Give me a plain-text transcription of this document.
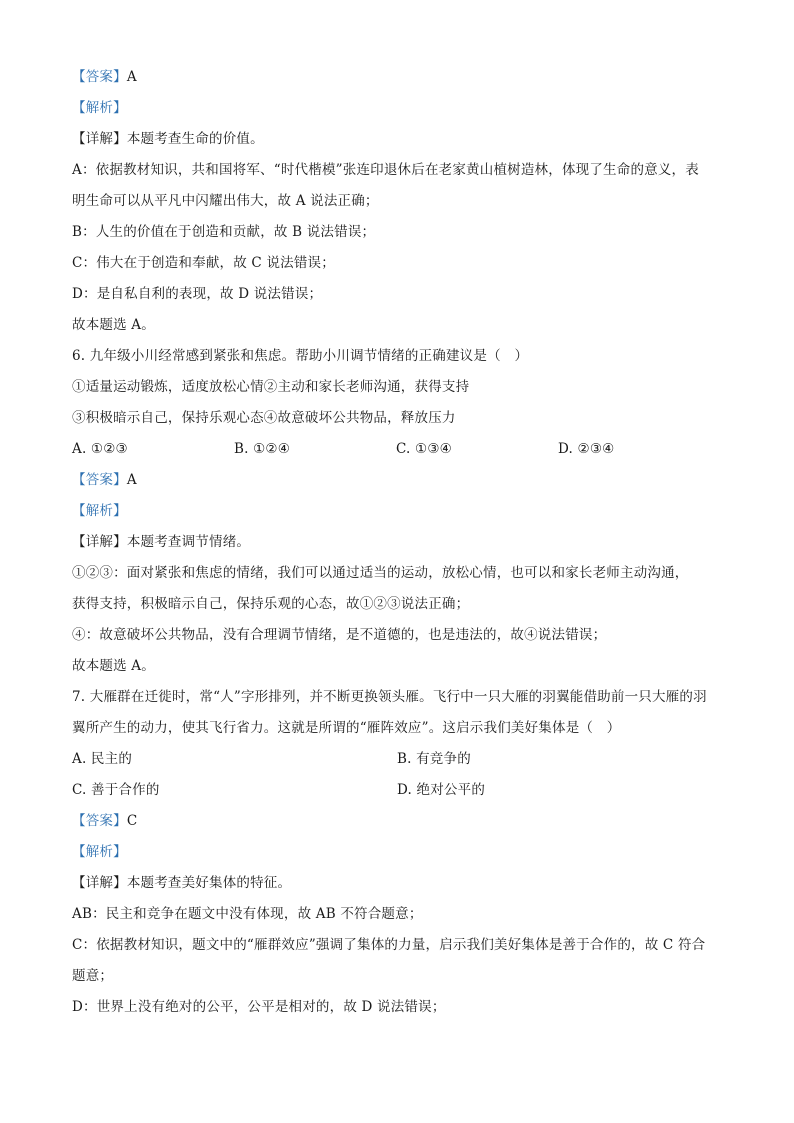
【答案】A
【解析】
【详解】本题考查生命的价值。
A：依据教材知识，共和国将军、“时代楷模”张连印退休后在老家黄山植树造林，体现了生命的意义，表
明生命可以从平凡中闪耀出伟大，故 A 说法正确；
B：人生的价值在于创造和贡献，故 B 说法错误；
C：伟大在于创造和奉献，故 C 说法错误；
D：是自私自利的表现，故 D 说法错误；
故本题选 A。
6. 九年级小川经常感到紧张和焦虑。帮助小川调节情绪的正确建议是（　）
①适量运动锻炼，适度放松心情②主动和家长老师沟通，获得支持
③积极暗示自己，保持乐观心态④故意破坏公共物品，释放压力
A. ①②③	B. ①②④	C. ①③④	D. ②③④
【答案】A
【解析】
【详解】本题考查调节情绪。
①②③：面对紧张和焦虑的情绪，我们可以通过适当的运动，放松心情，也可以和家长老师主动沟通，
获得支持，积极暗示自己，保持乐观的心态，故①②③说法正确；
④：故意破坏公共物品，没有合理调节情绪，是不道德的，也是违法的，故④说法错误；
故本题选 A。
7. 大雁群在迁徙时，常“人”字形排列，并不断更换领头雁。飞行中一只大雁的羽翼能借助前一只大雁的羽
翼所产生的动力，使其飞行省力。这就是所谓的“雁阵效应”。这启示我们美好集体是（　）
A. 民主的	B. 有竞争的
C. 善于合作的	D. 绝对公平的
【答案】C
【解析】
【详解】本题考查美好集体的特征。
AB：民主和竞争在题文中没有体现，故 AB 不符合题意；
C：依据教材知识，题文中的“雁群效应”强调了集体的力量，启示我们美好集体是善于合作的，故 C 符合
题意；
D：世界上没有绝对的公平，公平是相对的，故 D 说法错误；
